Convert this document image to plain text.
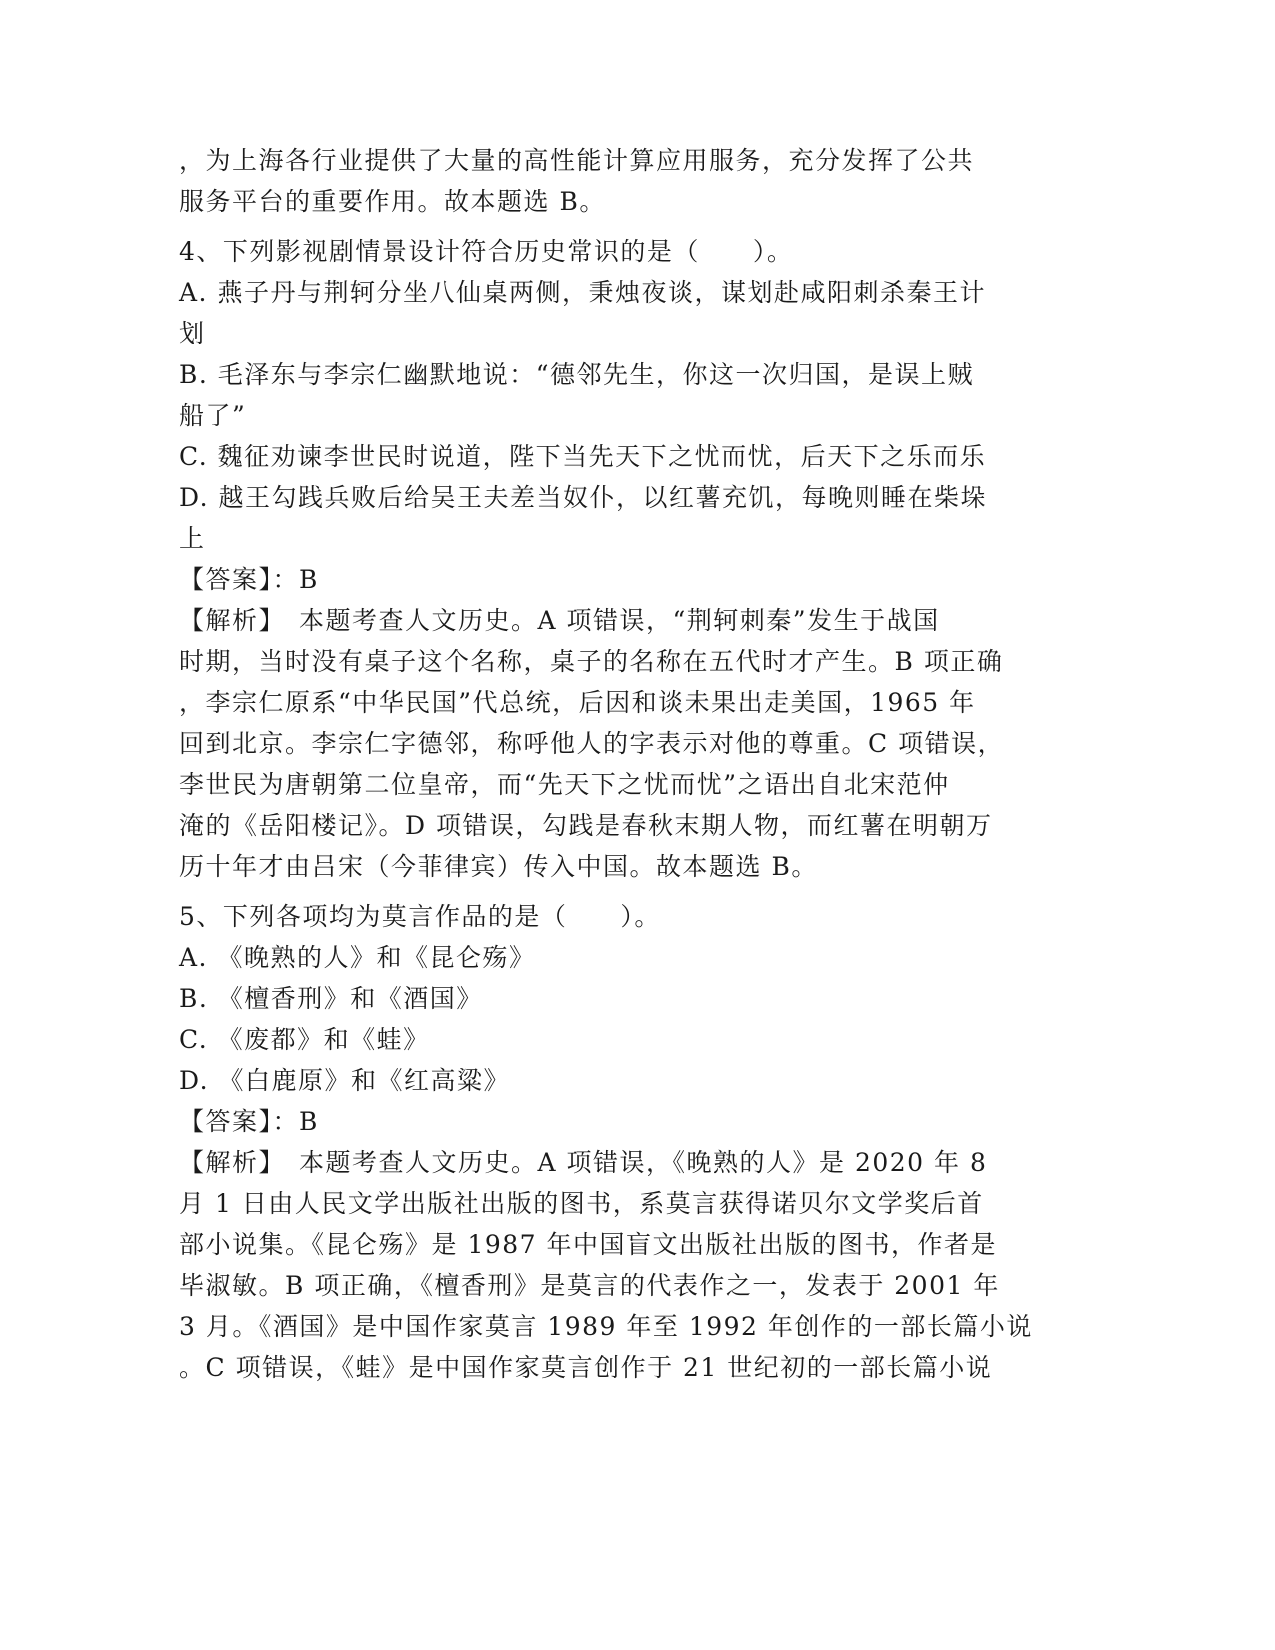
，为上海各行业提供了大量的高性能计算应用服务，充分发挥了公共
服务平台的重要作用。故本题选 B。
4、下列影视剧情景设计符合历史常识的是（　　）。
A. 燕子丹与荆轲分坐八仙桌两侧，秉烛夜谈，谋划赴咸阳刺杀秦王计
划
B. 毛泽东与李宗仁幽默地说：“德邻先生，你这一次归国，是误上贼
船了”
C. 魏征劝谏李世民时说道，陛下当先天下之忧而忧，后天下之乐而乐
D. 越王勾践兵败后给吴王夫差当奴仆，以红薯充饥，每晚则睡在柴垛
上
【答案】：B
【解析】　本题考查人文历史。A 项错误，“荆轲刺秦”发生于战国
时期，当时没有桌子这个名称，桌子的名称在五代时才产生。B 项正确
，李宗仁原系“中华民国”代总统，后因和谈未果出走美国，1965 年
回到北京。李宗仁字德邻，称呼他人的字表示对他的尊重。C 项错误，
李世民为唐朝第二位皇帝，而“先天下之忧而忧”之语出自北宋范仲
淹的《岳阳楼记》。D 项错误，勾践是春秋末期人物，而红薯在明朝万
历十年才由吕宋（今菲律宾）传入中国。故本题选 B。
5、下列各项均为莫言作品的是（　　）。
A. 《晚熟的人》和《昆仑殇》
B. 《檀香刑》和《酒国》
C. 《废都》和《蛙》
D. 《白鹿原》和《红高粱》
【答案】：B
【解析】　本题考查人文历史。A 项错误，《晚熟的人》是 2020 年 8
月 1 日由人民文学出版社出版的图书，系莫言获得诺贝尔文学奖后首
部小说集。《昆仑殇》是 1987 年中国盲文出版社出版的图书，作者是
毕淑敏。B 项正确，《檀香刑》是莫言的代表作之一，发表于 2001 年
3 月。《酒国》是中国作家莫言 1989 年至 1992 年创作的一部长篇小说
。C 项错误，《蛙》是中国作家莫言创作于 21 世纪初的一部长篇小说
